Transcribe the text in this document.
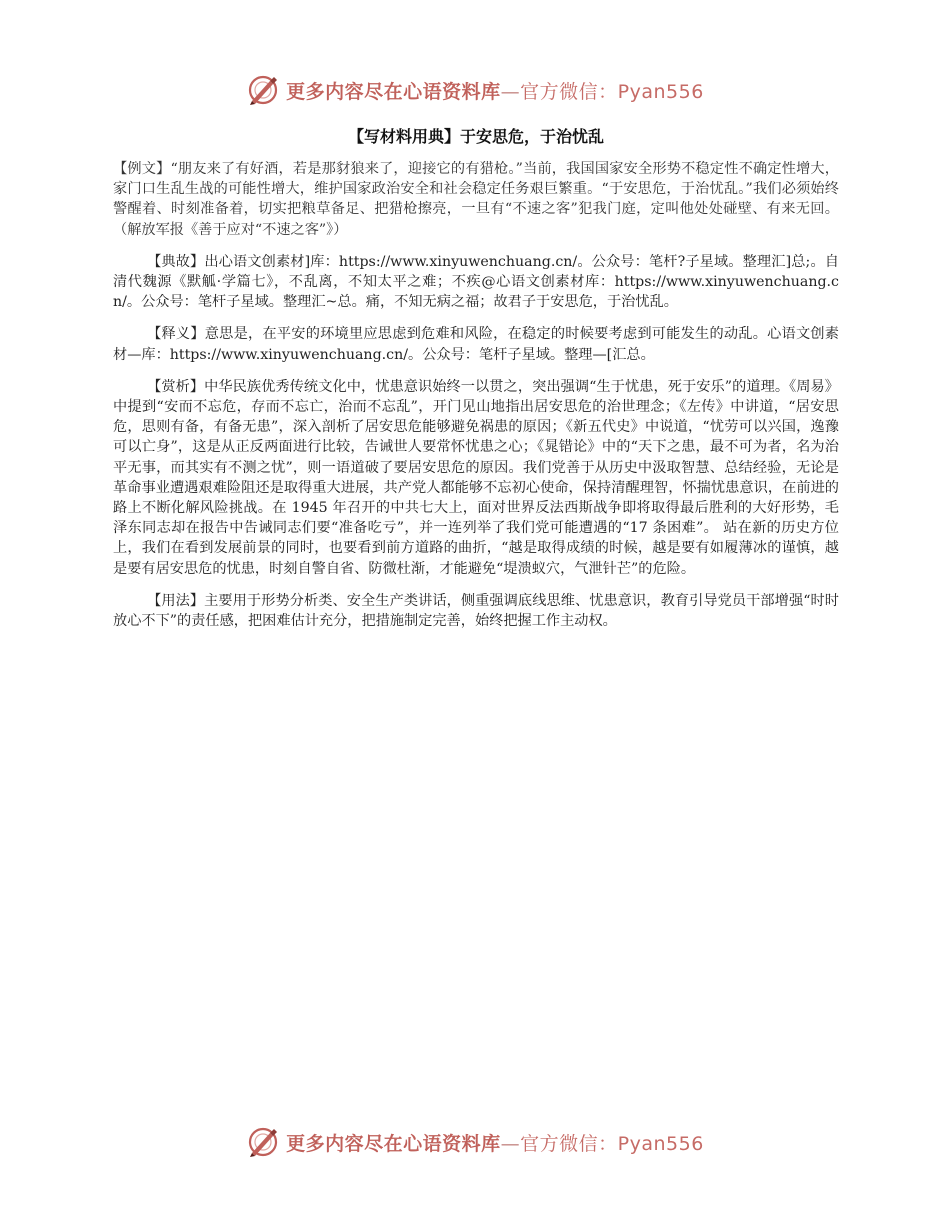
更多内容尽在心语资料库—官方微信：Pyan556
【写材料用典】于安思危，于治忧乱

【例文】“朋友来了有好酒，若是那豺狼来了，迎接它的有猎枪。”当前，我国国家安全形势不稳定性不确定性增大，家门口生乱生战的可能性增大，维护国家政治安全和社会稳定任务艰巨繁重。“于安思危，于治忧乱。”我们必须始终警醒着、时刻准备着，切实把粮草备足、把猎枪擦亮，一旦有“不速之客”犯我门庭，定叫他处处碰壁、有来无回。（解放军报《善于应对“不速之客”》）

【典故】出心语文创素材]库：https://www.xinyuwenchuang.cn/。公众号：笔杆?子星域。整理汇]总;。自清代魏源《默觚·学篇七》，不乱离，不知太平之难；不疾@心语文创素材库：https://www.xinyuwenchuang.cn/。公众号：笔杆子星域。整理汇~总。痛，不知无病之福；故君子于安思危，于治忧乱。

【释义】意思是，在平安的环境里应思虑到危难和风险，在稳定的时候要考虑到可能发生的动乱。心语文创素材—库：https://www.xinyuwenchuang.cn/。公众号：笔杆子星域。整理—[汇总。

【赏析】中华民族优秀传统文化中，忧患意识始终一以贯之，突出强调“生于忧患，死于安乐”的道理。《周易》中提到“安而不忘危，存而不忘亡，治而不忘乱”，开门见山地指出居安思危的治世理念；《左传》中讲道，“居安思危，思则有备，有备无患”，深入剖析了居安思危能够避免祸患的原因；《新五代史》中说道，“忧劳可以兴国，逸豫可以亡身”，这是从正反两面进行比较，告诫世人要常怀忧患之心；《晁错论》中的“天下之患，最不可为者，名为治平无事，而其实有不测之忧”，则一语道破了要居安思危的原因。我们党善于从历史中汲取智慧、总结经验，无论是革命事业遭遇艰难险阻还是取得重大进展，共产党人都能够不忘初心使命，保持清醒理智，怀揣忧患意识，在前进的路上不断化解风险挑战。在 1945 年召开的中共七大上，面对世界反法西斯战争即将取得最后胜利的大好形势，毛泽东同志却在报告中告诫同志们要“准备吃亏”，并一连列举了我们党可能遭遇的“17 条困难”。 站在新的历史方位上，我们在看到发展前景的同时，也要看到前方道路的曲折，“越是取得成绩的时候，越是要有如履薄冰的谨慎，越是要有居安思危的忧患，时刻自警自省、防微杜渐，才能避免“堤溃蚁穴，气泄针芒”的危险。

【用法】主要用于形势分析类、安全生产类讲话，侧重强调底线思维、忧患意识，教育引导党员干部增强“时时放心不下”的责任感，把困难估计充分，把措施制定完善，始终把握工作主动权。

更多内容尽在心语资料库—官方微信：Pyan556
